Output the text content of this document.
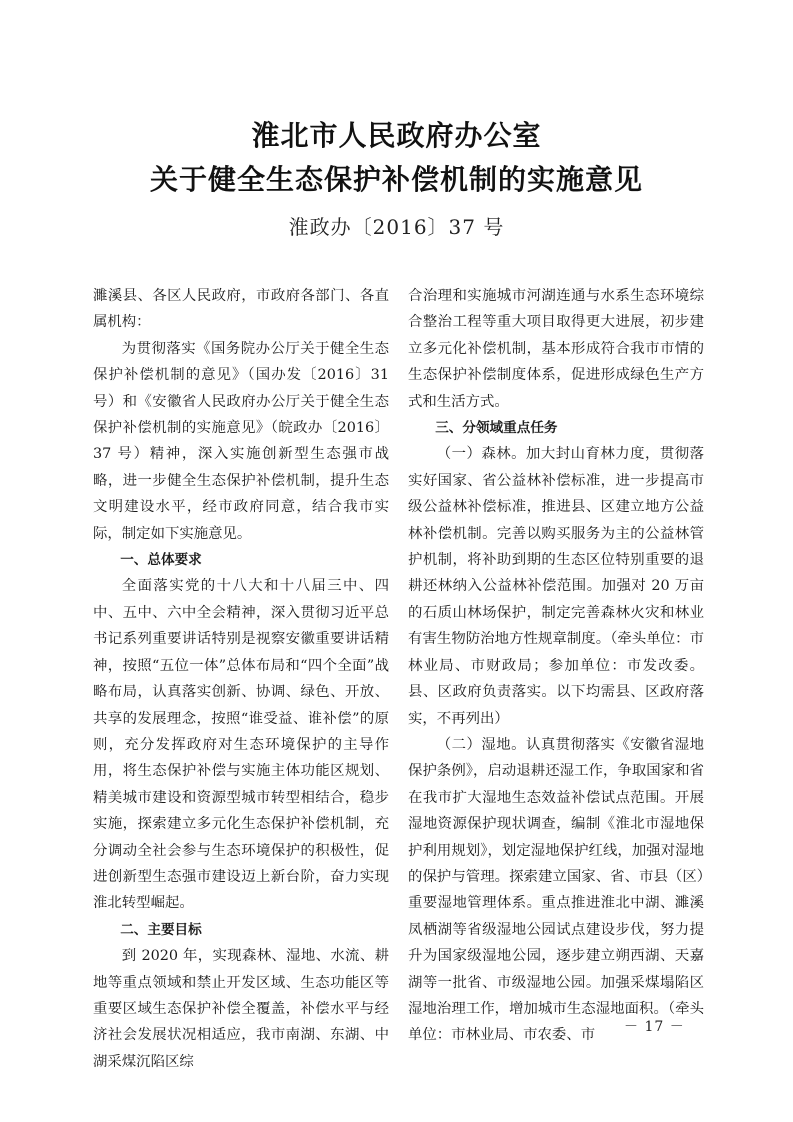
淮北市人民政府办公室
关于健全生态保护补偿机制的实施意见
淮政办〔2016〕37 号

濉溪县、各区人民政府，市政府各部门、各直属机构：

为贯彻落实《国务院办公厅关于健全生态保护补偿机制的意见》（国办发〔2016〕31 号）和《安徽省人民政府办公厅关于健全生态保护补偿机制的实施意见》（皖政办〔2016〕37 号）精神，深入实施创新型生态强市战略，进一步健全生态保护补偿机制，提升生态文明建设水平，经市政府同意，结合我市实际，制定如下实施意见。

一、总体要求

全面落实党的十八大和十八届三中、四中、五中、六中全会精神，深入贯彻习近平总书记系列重要讲话特别是视察安徽重要讲话精神，按照“五位一体”总体布局和“四个全面”战略布局，认真落实创新、协调、绿色、开放、共享的发展理念，按照“谁受益、谁补偿”的原则，充分发挥政府对生态环境保护的主导作用，将生态保护补偿与实施主体功能区规划、精美城市建设和资源型城市转型相结合，稳步实施，探索建立多元化生态保护补偿机制，充分调动全社会参与生态环境保护的积极性，促进创新型生态强市建设迈上新台阶，奋力实现淮北转型崛起。

二、主要目标

到 2020 年，实现森林、湿地、水流、耕地等重点领域和禁止开发区域、生态功能区等重要区域生态保护补偿全覆盖，补偿水平与经济社会发展状况相适应，我市南湖、东湖、中湖采煤沉陷区综

合治理和实施城市河湖连通与水系生态环境综合整治工程等重大项目取得更大进展，初步建立多元化补偿机制，基本形成符合我市市情的生态保护补偿制度体系，促进形成绿色生产方式和生活方式。

三、分领域重点任务

（一）森林。加大封山育林力度，贯彻落实好国家、省公益林补偿标准，进一步提高市级公益林补偿标准，推进县、区建立地方公益林补偿机制。完善以购买服务为主的公益林管护机制，将补助到期的生态区位特别重要的退耕还林纳入公益林补偿范围。加强对 20 万亩的石质山林场保护，制定完善森林火灾和林业有害生物防治地方性规章制度。（牵头单位：市林业局、市财政局；参加单位：市发改委。县、区政府负责落实。以下均需县、区政府落实，不再列出）

（二）湿地。认真贯彻落实《安徽省湿地保护条例》，启动退耕还湿工作，争取国家和省在我市扩大湿地生态效益补偿试点范围。开展湿地资源保护现状调查，编制《淮北市湿地保护利用规划》，划定湿地保护红线，加强对湿地的保护与管理。探索建立国家、省、市县（区）重要湿地管理体系。重点推进淮北中湖、濉溪凤栖湖等省级湿地公园试点建设步伐，努力提升为国家级湿地公园，逐步建立朔西湖、天嘉湖等一批省、市级湿地公园。加强采煤塌陷区湿地治理工作，增加城市生态湿地面积。（牵头单位：市林业局、市农委、市

－ 17 －
